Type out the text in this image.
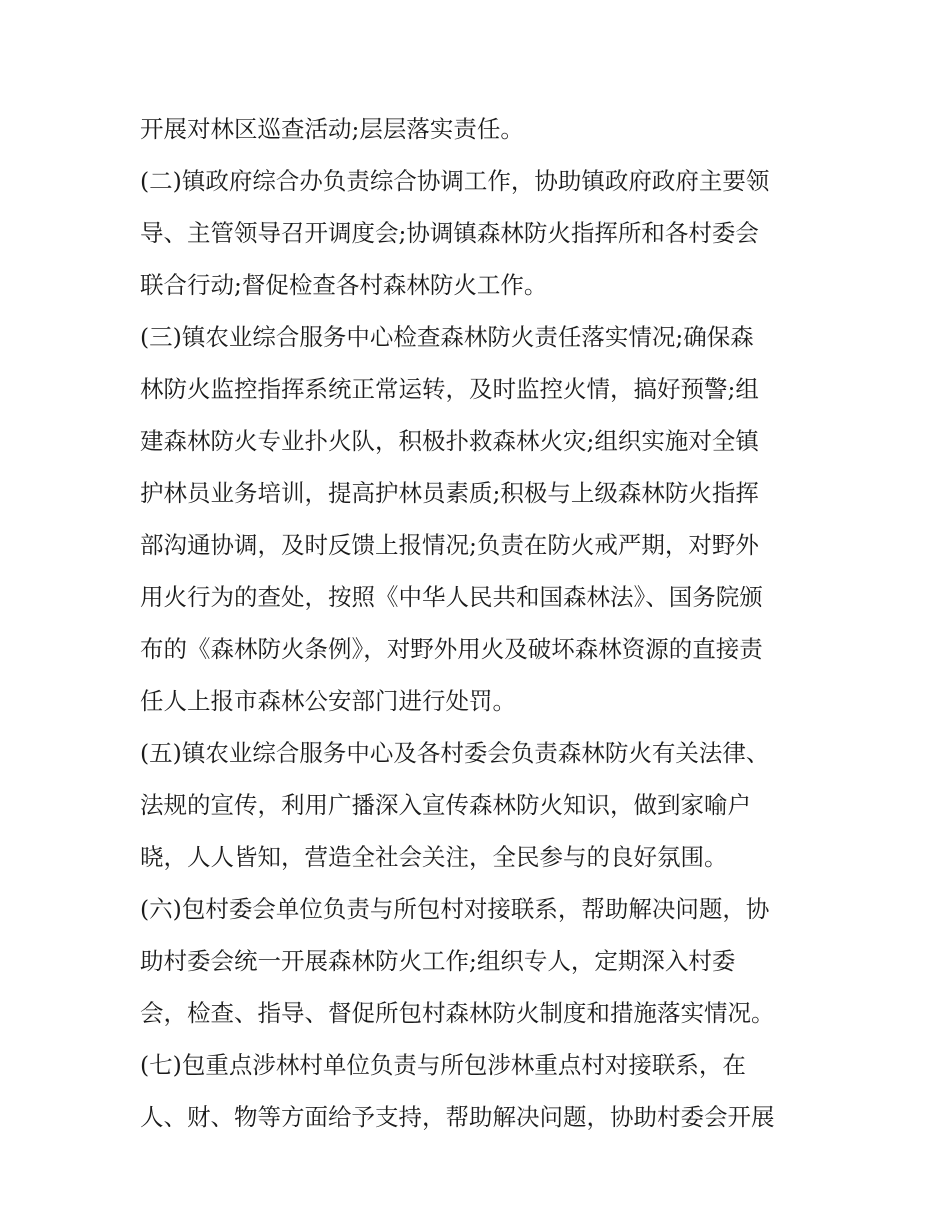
开展对林区巡查活动;层层落实责任。
(二)镇政府综合办负责综合协调工作，协助镇政府政府主要领
导、主管领导召开调度会;协调镇森林防火指挥所和各村委会
联合行动;督促检查各村森林防火工作。
(三)镇农业综合服务中心检查森林防火责任落实情况;确保森
林防火监控指挥系统正常运转，及时监控火情，搞好预警;组
建森林防火专业扑火队，积极扑救森林火灾;组织实施对全镇
护林员业务培训，提高护林员素质;积极与上级森林防火指挥
部沟通协调，及时反馈上报情况;负责在防火戒严期，对野外
用火行为的查处，按照《中华人民共和国森林法》、国务院颁
布的《森林防火条例》，对野外用火及破坏森林资源的直接责
任人上报市森林公安部门进行处罚。
(五)镇农业综合服务中心及各村委会负责森林防火有关法律、
法规的宣传，利用广播深入宣传森林防火知识，做到家喻户
晓，人人皆知，营造全社会关注，全民参与的良好氛围。
(六)包村委会单位负责与所包村对接联系，帮助解决问题，协
助村委会统一开展森林防火工作;组织专人，定期深入村委
会，检查、指导、督促所包村森林防火制度和措施落实情况。
(七)包重点涉林村单位负责与所包涉林重点村对接联系，在
人、财、物等方面给予支持，帮助解决问题，协助村委会开展
